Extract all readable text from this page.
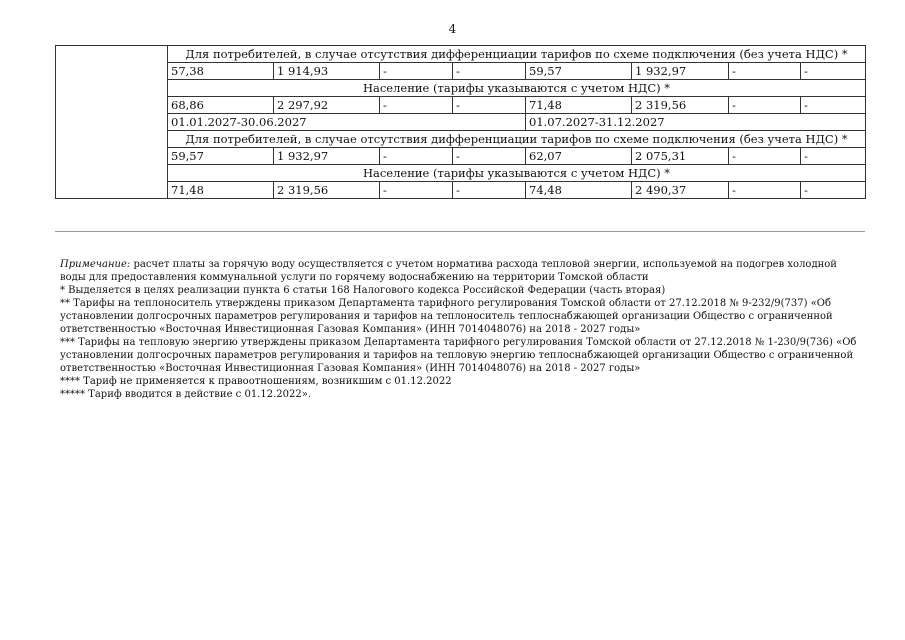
4
	Для потребителей, в случае отсутствия дифференциации тарифов по схеме подключения (без учета НДС) *							
	57,38	1 914,93	-	-	59,57	1 932,97	-	-
	Население (тарифы указываются с учетом НДС) *							
	68,86	2 297,92	-	-	71,48	2 319,56	-	-
	01.01.2027-30.06.2027				01.07.2027-31.12.2027			
	Для потребителей, в случае отсутствия дифференциации тарифов по схеме подключения (без учета НДС) *							
	59,57	1 932,97	-	-	62,07	2 075,31	-	-
	Население (тарифы указываются с учетом НДС) *							
	71,48	2 319,56	-	-	74,48	2 490,37	-	-

Примечание: расчет платы за горячую воду осуществляется с учетом норматива расхода тепловой энергии, используемой на подогрев холодной воды для предоставления коммунальной услуги по горячему водоснабжению на территории Томской области

* Выделяется в целях реализации пункта 6 статьи 168 Налогового кодекса Российской Федерации (часть вторая)

** Тарифы на теплоноситель утверждены приказом Департамента тарифного регулирования Томской области от 27.12.2018 № 9-232/9(737) «Об установлении долгосрочных параметров регулирования и тарифов на теплоноситель теплоснабжающей организации Общество с ограниченной ответственностью «Восточная Инвестиционная Газовая Компания» (ИНН 7014048076) на 2018 - 2027 годы»

*** Тарифы на тепловую энергию утверждены приказом Департамента тарифного регулирования Томской области от 27.12.2018 № 1-230/9(736) «Об установлении долгосрочных параметров регулирования и тарифов на тепловую энергию теплоснабжающей организации Общество с ограниченной ответственностью «Восточная Инвестиционная Газовая Компания» (ИНН 7014048076) на 2018 - 2027 годы»

**** Тариф не применяется к правоотношениям, возникшим с 01.12.2022

***** Тариф вводится в действие с 01.12.2022».
